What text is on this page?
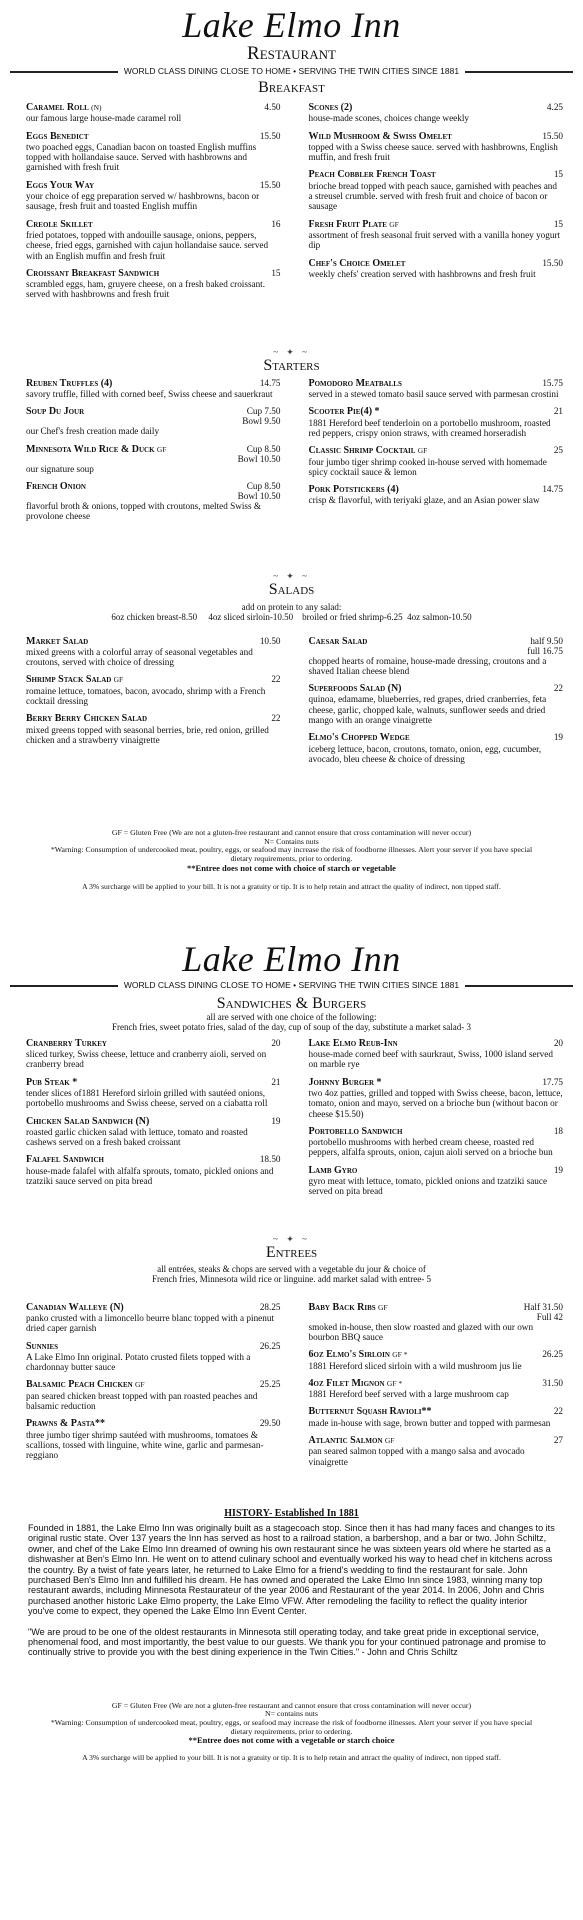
Lake Elmo Inn
Restaurant
WORLD CLASS DINING CLOSE TO HOME • SERVING THE TWIN CITIES SINCE 1881
Breakfast
Caramel Roll (N)	4.50

our famous large house-made caramel roll

Eggs Benedict	15.50

two poached eggs, Canadian bacon on toasted English muffins topped with hollandaise sauce. Served with hashbrowns and garnished with fresh fruit

Eggs Your Way	15.50

your choice of egg preparation served w/ hashbrowns, bacon or sausage, fresh fruit and toasted English muffin

Creole Skillet	16

fried potatoes, topped with andouille sausage, onions, peppers, cheese, fried eggs, garnished with cajun hollandaise sauce. served with an English muffin and fresh fruit

Croissant Breakfast Sandwich	15

scrambled eggs, ham, gruyere cheese, on a fresh baked croissant. served with hashbrowns and fresh fruit

Scones (2)	4.25

house-made scones, choices change weekly

Wild Mushroom & Swiss Omelet	15.50

topped with a Swiss cheese sauce. served with hashbrowns, English muffin, and fresh fruit

Peach Cobbler French Toast	15

brioche bread topped with peach sauce, garnished with peaches and a streusel crumble. served with fresh fruit and choice of bacon or sausage

Fresh Fruit Plate GF	15

assortment of fresh seasonal fruit served with a vanilla honey yogurt dip

Chef's Choice Omelet	15.50

weekly chefs' creation served with hashbrowns and fresh fruit

~ ✦ ~
Starters
Reuben Truffles (4)	14.75

savory truffle, filled with corned beef, Swiss cheese and sauerkraut

Soup Du Jour	Cup 7.50
Bowl 9.50

our Chef's fresh creation made daily

Minnesota Wild Rice & Duck GF	Cup 8.50
Bowl 10.50

our signature soup

French Onion	Cup 8.50
Bowl 10.50

flavorful broth & onions, topped with croutons, melted Swiss & provolone cheese

Pomodoro Meatballs	15.75

served in a stewed tomato basil sauce served with parmesan crostini

Scooter Pie(4) *	21

1881 Hereford beef tenderloin on a portobello mushroom, roasted red peppers, crispy onion straws, with creamed horseradish

Classic Shrimp Cocktail GF	25

four jumbo tiger shrimp cooked in-house served with homemade spicy cocktail sauce & lemon

Pork Potstickers (4)	14.75

crisp & flavorful, with teriyaki glaze, and an Asian power slaw

~ ✦ ~
Salads
add on protein to any salad:
6oz chicken breast-8.50     4oz sliced sirloin-10.50    broiled or fried shrimp-6.25  4oz salmon-10.50
Market Salad	10.50

mixed greens with a colorful array of seasonal vegetables and croutons, served with choice of dressing

Shrimp Stack Salad GF	22

romaine lettuce, tomatoes, bacon, avocado, shrimp with a French cocktail dressing

Berry Berry Chicken Salad	22

mixed greens topped with seasonal berries, brie, red onion, grilled chicken and a strawberry vinaigrette

Caesar Salad	half 9.50
full 16.75

chopped hearts of romaine, house-made dressing, croutons and a shaved Italian cheese blend

Superfoods Salad (N)	22

quinoa, edamame, blueberries, red grapes, dried cranberries, feta cheese, garlic, chopped kale, walnuts, sunflower seeds and dried mango with an orange vinaigrette

Elmo's Chopped Wedge	19

iceberg lettuce, bacon, croutons, tomato, onion, egg, cucumber, avocado, bleu cheese & choice of dressing

GF = Gluten Free (We are not a gluten-free restaurant and cannot ensure that cross contamination will never occur)
N= Contains nuts
*Warning: Consumption of undercooked meat, poultry, eggs, or seafood may increase the risk of foodborne illnesses. Alert your server if you have special dietary requirements, prior to ordering.
**Entree does not come with choice of starch or vegetable
A 3% surcharge will be applied to your bill. It is not a gratuity or tip. It is to help retain and attract the quality of indirect, non tipped staff.
Lake Elmo Inn
WORLD CLASS DINING CLOSE TO HOME • SERVING THE TWIN CITIES SINCE 1881
Sandwiches & Burgers
all are served with one choice of the following:
French fries, sweet potato fries, salad of the day, cup of soup of the day, substitute a market salad- 3
Cranberry Turkey	20

sliced turkey, Swiss cheese, lettuce and cranberry aioli, served on cranberry bread

Pub Steak *	21

tender slices of1881 Hereford sirloin grilled with sautéed onions, portobello mushrooms and Swiss cheese, served on a ciabatta roll

Chicken Salad Sandwich (N)	19

roasted garlic chicken salad with lettuce, tomato and roasted cashews served on a fresh baked croissant

Falafel Sandwich	18.50

house-made falafel with alfalfa sprouts, tomato, pickled onions and tzatziki sauce served on pita bread

Lake Elmo Reub-Inn	20

house-made corned beef with saurkraut, Swiss, 1000 island served on marble rye

Johnny Burger *	17.75

two 4oz patties, grilled and topped with Swiss cheese, bacon, lettuce, tomato, onion and mayo, served on a brioche bun (without bacon or cheese $15.50)

Portobello Sandwich	18

portobello mushrooms with herbed cream cheese, roasted red peppers, alfalfa sprouts, onion, cajun aioli served on a brioche bun

Lamb Gyro	19

gyro meat with lettuce, tomato, pickled onions and tzatziki sauce served on pita bread

~ ✦ ~
Entrees
all entrées, steaks & chops are served with a vegetable du jour & choice of
French fries, Minnesota wild rice or linguine. add market salad with entree- 5
Canadian Walleye (N)	28.25

panko crusted with a limoncello beurre blanc topped with a pinenut dried caper garnish

Sunnies	26.25

A Lake Elmo Inn original. Potato crusted filets topped with a chardonnay butter sauce

Balsamic Peach Chicken GF	25.25

pan seared chicken breast topped with pan roasted peaches and balsamic reduction

Prawns & Pasta**	29.50

three jumbo tiger shrimp sautéed with mushrooms, tomatoes & scallions, tossed with linguine, white wine, garlic and parmesan-reggiano

Baby Back Ribs GF	Half 31.50
Full 42

smoked in-house, then slow roasted and glazed with our own bourbon BBQ sauce

6oz Elmo's Sirloin GF *	26.25

1881 Hereford sliced sirloin with a wild mushroom jus lie

4oz Filet Mignon GF *	31.50

1881 Hereford beef served with a large mushroom cap

Butternut Squash Ravioli**	22

made in-house with sage, brown butter and topped with parmesan

Atlantic Salmon GF	27

pan seared salmon topped with a mango salsa and avocado vinaigrette

HISTORY- Established In 1881
Founded in 1881, the Lake Elmo Inn was originally built as a stagecoach stop. Since then it has had many faces and changes to its original rustic state. Over 137 years the Inn has served as host to a railroad station, a barbershop, and a bar or two. John Schiltz, owner, and chef of the Lake Elmo Inn dreamed of owning his own restaurant since he was sixteen years old where he started as a dishwasher at Ben's Elmo Inn. He went on to attend culinary school and eventually worked his way to head chef in kitchens across the country. By a twist of fate years later, he returned to Lake Elmo for a friend's wedding to find the restaurant for sale. John purchased Ben's Elmo Inn and fulfilled his dream. He has owned and operated the Lake Elmo Inn since 1983, winning many top restaurant awards, including Minnesota Restaurateur of the year 2006 and Restaurant of the year 2014. In 2006, John and Chris purchased another historic Lake Elmo property, the Lake Elmo VFW. After remodeling the facility to reflect the quality interior you've come to expect, they opened the Lake Elmo Inn Event Center.
"We are proud to be one of the oldest restaurants in Minnesota still operating today, and take great pride in exceptional service, phenomenal food, and most importantly, the best value to our guests. We thank you for your continued patronage and promise to continually strive to provide you with the best dining experience in the Twin Cities." - John and Chris Schiltz
GF = Gluten Free (We are not a gluten-free restaurant and cannot ensure that cross contamination will never occur)
N= contains nuts
*Warning: Consumption of undercooked meat, poultry, eggs, or seafood may increase the risk of foodborne illnesses. Alert your server if you have special dietary requirements, prior to ordering.
**Entree does not come with a vegetable or starch choice
A 3% surcharge will be applied to your bill. It is not a gratuity or tip. It is to help retain and attract the quality of indirect, non tipped staff.
